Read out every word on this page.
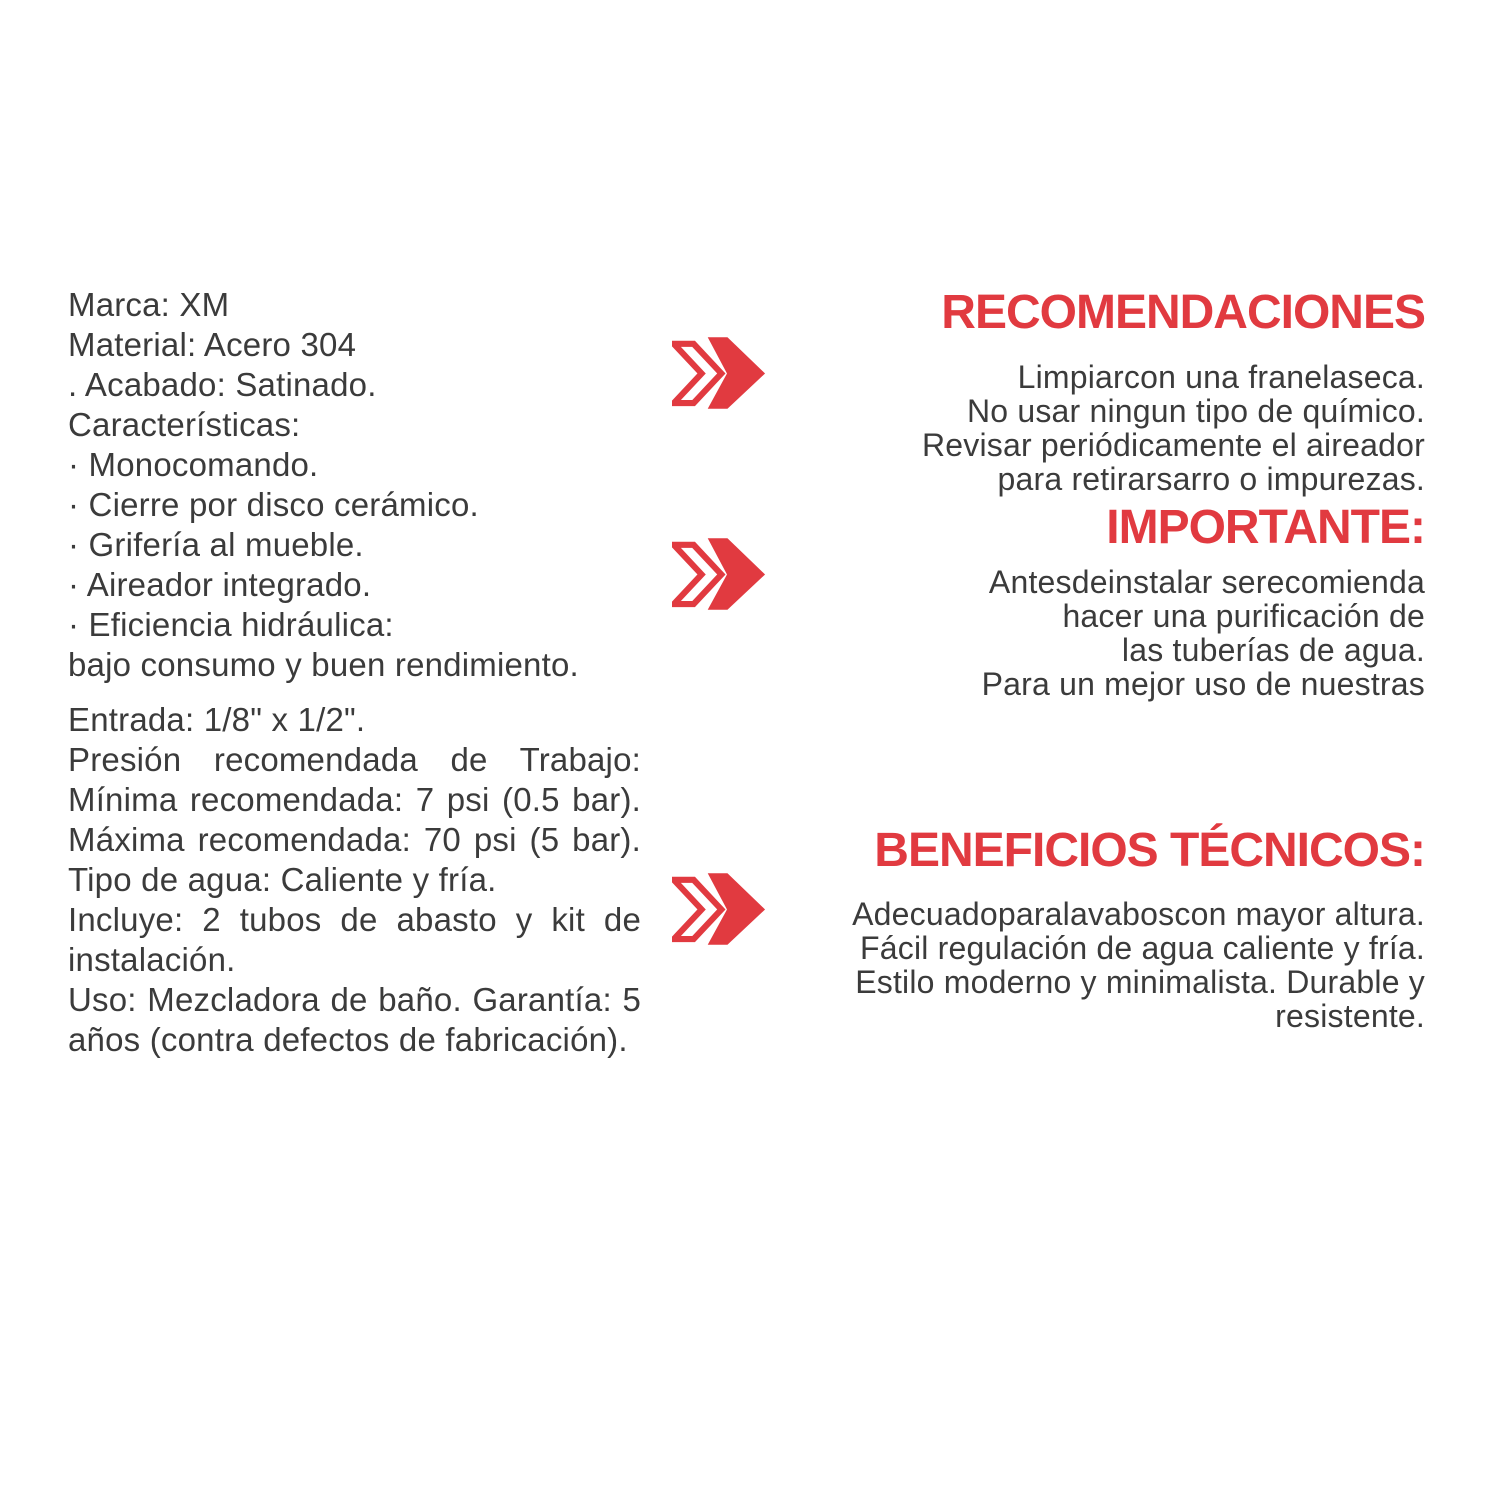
Marca: XM
Material: Acero 304
. Acabado: Satinado.
Características:
· Monocomando.
· Cierre por disco cerámico.
· Grifería al mueble.
· Aireador integrado.
· Eficiencia hidráulica:
bajo consumo y buen rendimiento.
Entrada: 1/8" x 1/2".
Presión recomendada de Trabajo:
Mínima recomendada: 7 psi (0.5 bar).
Máxima recomendada: 70 psi (5 bar).
Tipo de agua: Caliente y fría.
Incluye: 2 tubos de abasto y kit de
instalación.
Uso: Mezcladora de baño. Garantía: 5
años (contra defectos de fabricación).
RECOMENDACIONES
Limpiarcon una franelaseca.
No usar ningun tipo de químico.
Revisar periódicamente el aireador
para retirarsarro o impurezas.
IMPORTANTE:
Antesdeinstalar serecomienda
hacer una purificación de
las tuberías de agua.
Para un mejor uso de nuestras
BENEFICIOS TÉCNICOS:
Adecuadoparalavaboscon mayor altura.
Fácil regulación de agua caliente y fría.
Estilo moderno y minimalista. Durable y
resistente.
